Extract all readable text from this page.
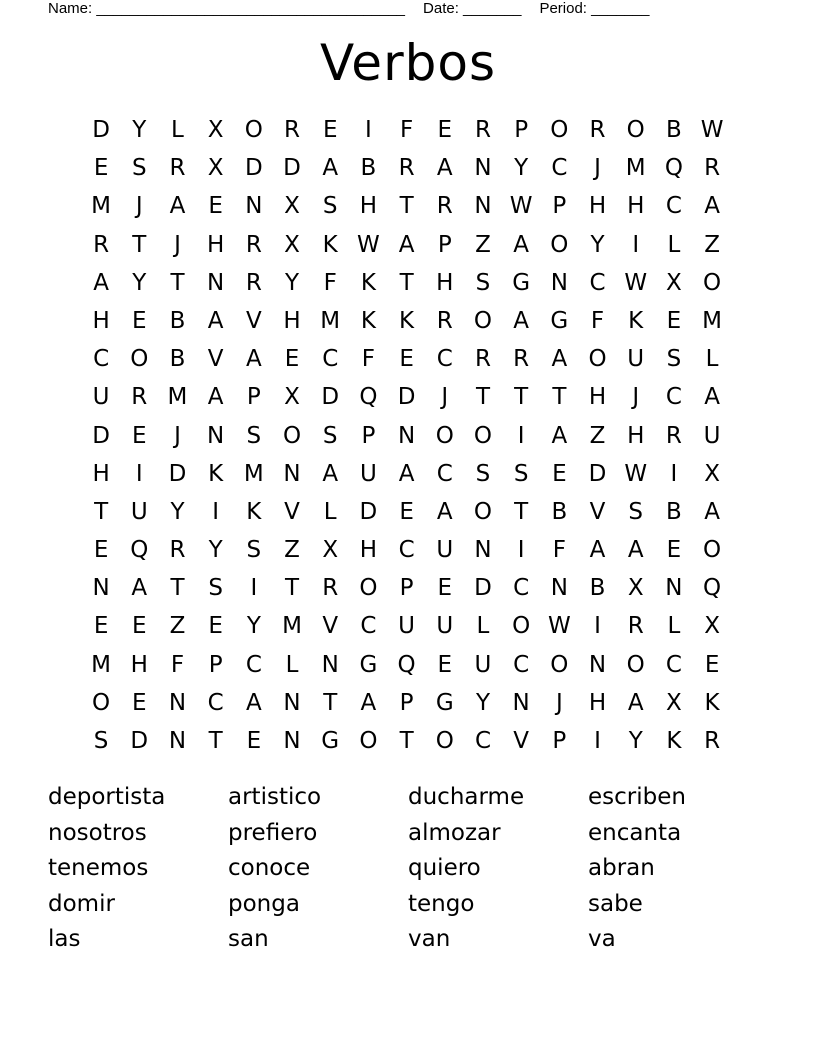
Name: _____________________________________ Date: _______ Period: _______
Verbos
D Y	L	X O R E	I	F	E R	P O R O B W
E	S R X D D A B R A N Y	C	J	M Q R
M	J	A	E N X	S H T	R N W P H H C A
R	T	J	H R X K W A	P	Z A O Y	I	L	Z
A	Y	T N R	Y	F	K	T H S G N C W X O
H E	B A V H M K	K R O A G F	K	E M
C O B V A	E C	F	E C R R A O U S	L
U R M A	P	X D Q D	J	T	T	T H	J	C A
D E	J	N S O S	P N O O	I	A Z H R U
H	I	D K M N A U A C S	S	E D W	I	X
T U Y	I	K V	L D E	A O T	B V	S	B A
E Q R	Y	S	Z X H C U N	I	F	A A	E O
N A	T	S	I	T	R O P	E D C N B X N Q
E	E	Z	E	Y M V C U U	L O W	I	R	L	X
M H F	P	C	L	N G Q E U C O N O C E
O E N C A N T	A	P G Y N	J	H A X K
S D N T	E N G O T O C V	P	I	Y	K R
deportista	artistico	ducharme	escriben
nosotros	prefiero	almozar	encanta
tenemos	conoce	quiero	abran
domir	ponga	tengo	sabe
las	san	van	va
